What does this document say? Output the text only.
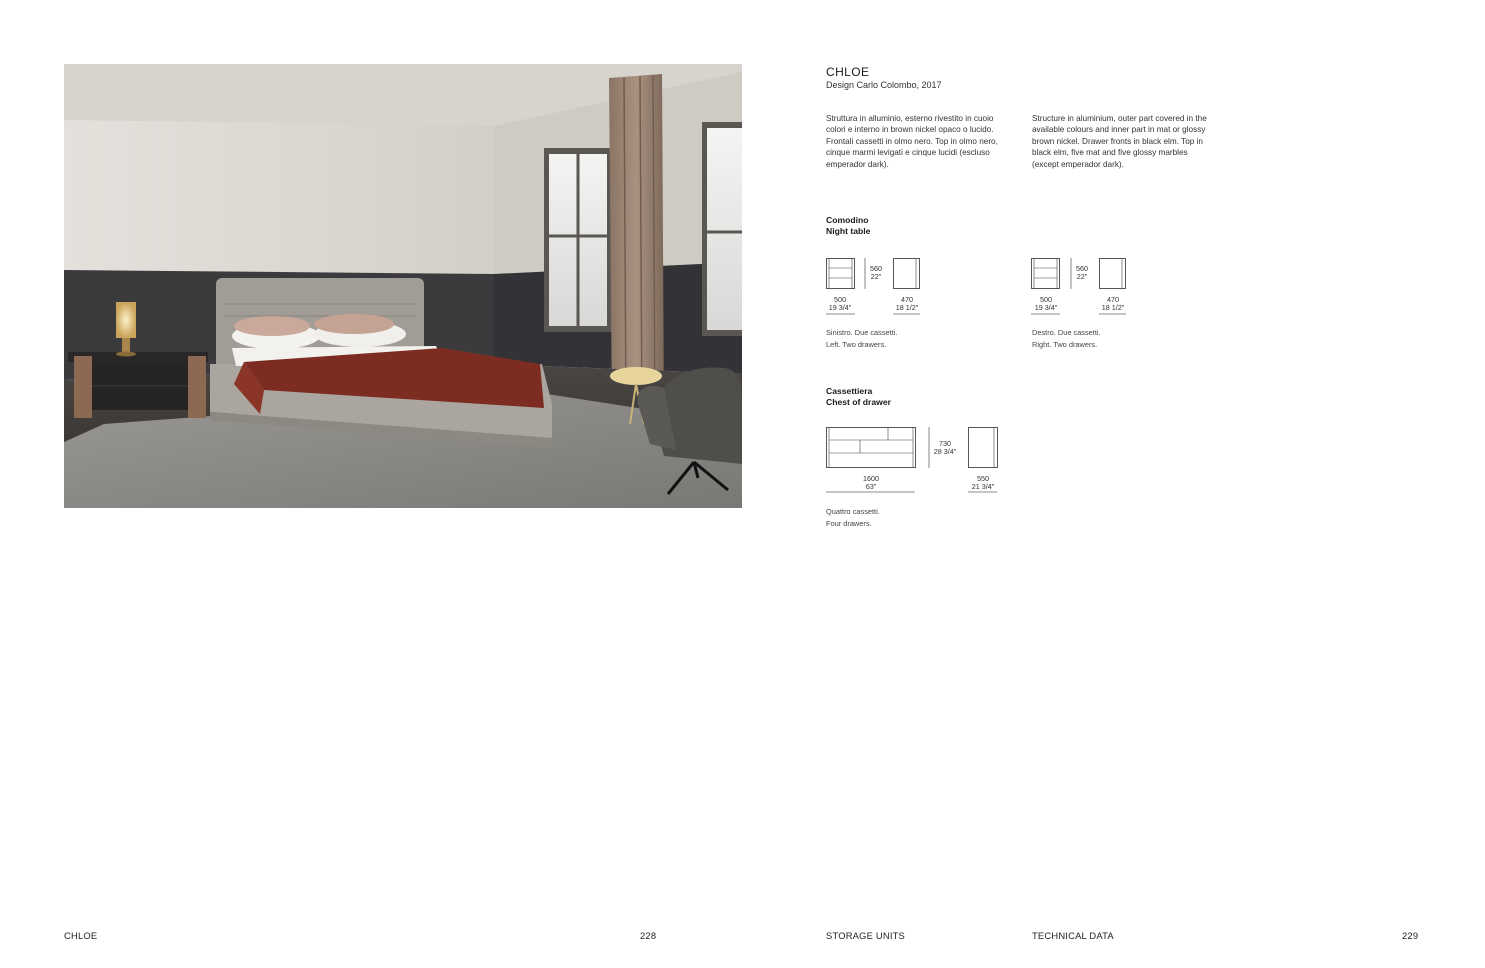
CHLOE
Design Carlo Colombo, 2017

Struttura in alluminio, esterno rivestito in cuoio colori e interno in brown nickel opaco o lucido. Frontali cassetti in olmo nero. Top in olmo nero, cinque marmi levigati e cinque lucidi (escluso emperador dark).

Structure in aluminium, outer part covered in the available colours and inner part in mat or glossy brown nickel. Drawer fronts in black elm. Top in black elm, five mat and five glossy marbles (except emperador dark).

Comodino
Night table
560
22"
500
19 3/4"
470
18 1/2"
Sinistro. Due cassetti.
Left. Two drawers.
560
22"
500
19 3/4"
470
18 1/2"
Destro. Due cassetti.
Right. Two drawers.
Cassettiera
Chest of drawer
730
28 3/4"
1600
63"
550
21 3/4"
Quattro cassetti.
Four drawers.
CHLOE	228	STORAGE UNITS	TECHNICAL DATA	229
